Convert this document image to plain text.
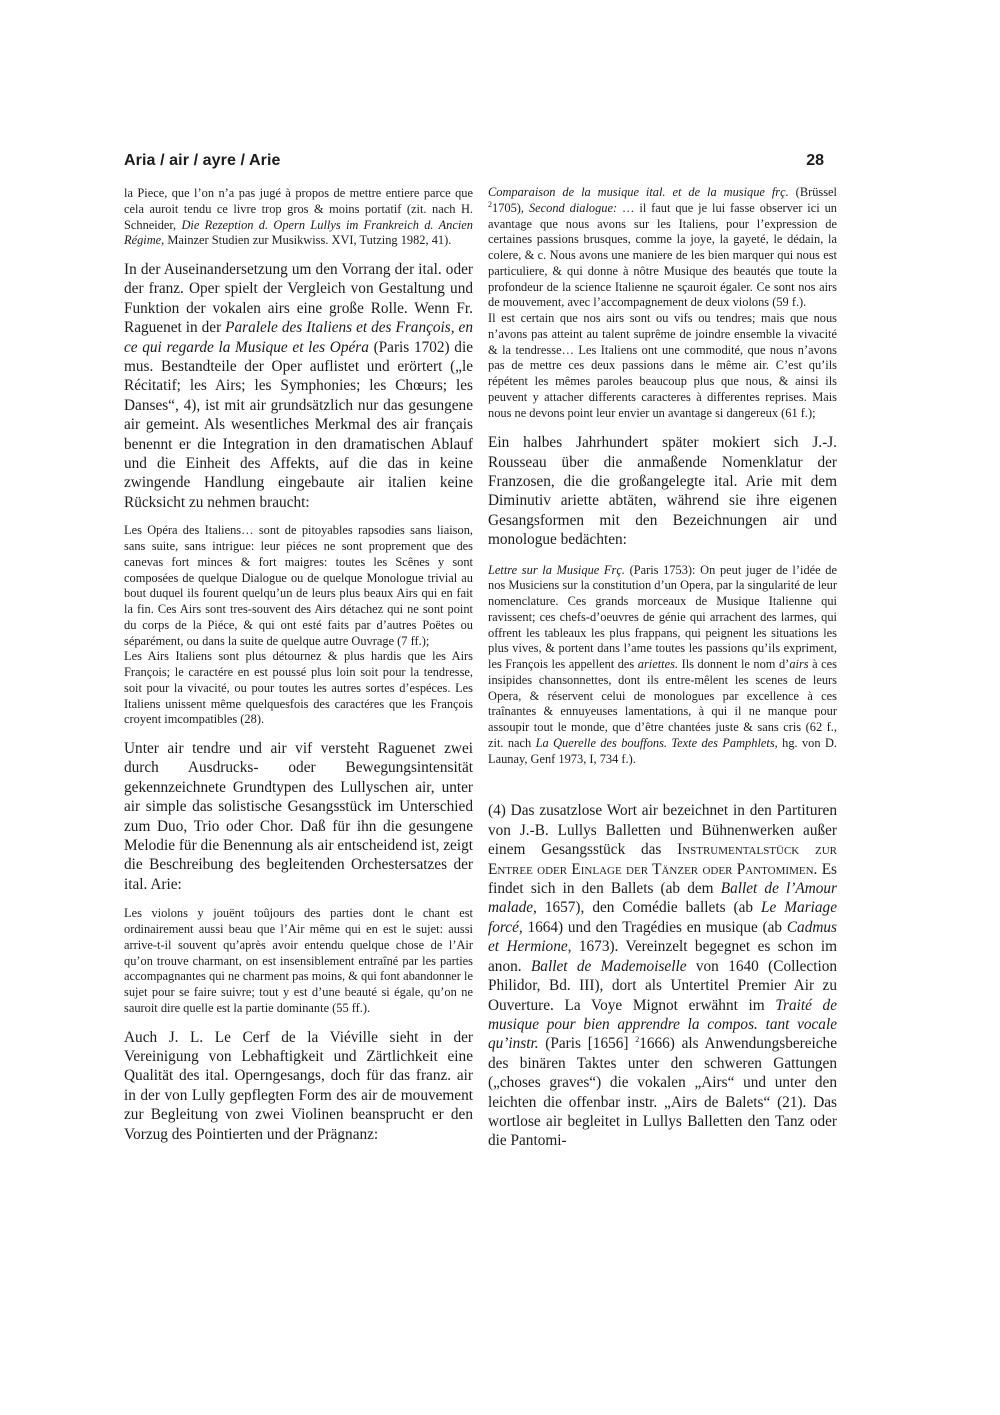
Aria / air / ayre / Arie	28

la Piece, que l’on n’a pas jugé à propos de mettre entiere parce que cela auroit tendu ce livre trop gros & moins portatif (zit. nach H. Schneider, Die Rezeption d. Opern Lullys im Frankreich d. Ancien Régime, Mainzer Studien zur Musikwiss. XVI, Tutzing 1982, 41).

In der Auseinandersetzung um den Vorrang der ital. oder der franz. Oper spielt der Vergleich von Gestaltung und Funktion der vokalen airs eine große Rolle. Wenn Fr. Raguenet in der Paralele des Italiens et des François, en ce qui regarde la Musique et les Opéra (Paris 1702) die mus. Bestandteile der Oper auflistet und erörtert („le Récitatif; les Airs; les Symphonies; les Chœurs; les Danses“, 4), ist mit air grundsätzlich nur das gesungene air gemeint. Als wesentliches Merkmal des air français benennt er die Integration in den dramatischen Ablauf und die Einheit des Affekts, auf die das in keine zwingende Handlung eingebaute air italien keine Rücksicht zu nehmen braucht:

Les Opéra des Italiens… sont de pitoyables rapsodies sans liaison, sans suite, sans intrigue: leur piéces ne sont proprement que des canevas fort minces & fort maigres: toutes les Scênes y sont composées de quelque Dialogue ou de quelque Monologue trivial au bout duquel ils fourent quelqu’un de leurs plus beaux Airs qui en fait la fin. Ces Airs sont tres-souvent des Airs détachez qui ne sont point du corps de la Piéce, & qui ont esté faits par d’autres Poëtes ou séparément, ou dans la suite de quelque autre Ouvrage (7 ff.);

Les Airs Italiens sont plus détournez & plus hardis que les Airs François; le caractére en est poussé plus loin soit pour la tendresse, soit pour la vivacité, ou pour toutes les autres sortes d’espéces. Les Italiens unissent même quelquesfois des caractéres que les François croyent imcompatibles (28).

Unter air tendre und air vif versteht Raguenet zwei durch Ausdrucks- oder Bewegungsintensität gekennzeichnete Grundtypen des Lullyschen air, unter air simple das solistische Gesangsstück im Unterschied zum Duo, Trio oder Chor. Daß für ihn die gesungene Melodie für die Benennung als air entscheidend ist, zeigt die Beschreibung des begleitenden Orchestersatzes der ital. Arie:

Les violons y jouënt toûjours des parties dont le chant est ordinairement aussi beau que l’Air même qui en est le sujet: aussi arrive-t-il souvent qu’après avoir entendu quelque chose de l’Air qu’on trouve charmant, on est insensiblement entraîné par les parties accompagnantes qui ne charment pas moins, & qui font abandonner le sujet pour se faire suivre; tout y est d’une beauté si égale, qu’on ne sauroit dire quelle est la partie dominante (55 ff.).

Auch J. L. Le Cerf de la Viéville sieht in der Vereinigung von Lebhaftigkeit und Zärtlichkeit eine Qualität des ital. Operngesangs, doch für das franz. air in der von Lully gepflegten Form des air de mouvement zur Begleitung von zwei Violinen beansprucht er den Vorzug des Pointierten und der Prägnanz:

Comparaison de la musique ital. et de la musique frç. (Brüssel $^2$1705), Second dialogue: … il faut que je lui fasse observer ici un avantage que nous avons sur les Italiens, pour l’expression de certaines passions brusques, comme la joye, la gayeté, le dédain, la colere, & c. Nous avons une maniere de les bien marquer qui nous est particuliere, & qui donne à nôtre Musique des beautés que toute la profondeur de la science Italienne ne sçauroit égaler. Ce sont nos airs de mouvement, avec l’accompagnement de deux violons (59 f.).

Il est certain que nos airs sont ou vifs ou tendres; mais que nous n’avons pas atteint au talent suprême de joindre ensemble la vivacité & la tendresse… Les Italiens ont une commodité, que nous n’avons pas de mettre ces deux passions dans le même air. C’est qu’ils répétent les mêmes paroles beaucoup plus que nous, & ainsi ils peuvent y attacher differents caracteres à differentes reprises. Mais nous ne devons point leur envier un avantage si dangereux (61 f.);

Ein halbes Jahrhundert später mokiert sich J.-J. Rousseau über die anmaßende Nomenklatur der Franzosen, die die großangelegte ital. Arie mit dem Diminutiv ariette abtäten, während sie ihre eigenen Gesangsformen mit den Bezeichnungen air und monologue bedächten:

Lettre sur la Musique Frç. (Paris 1753): On peut juger de l’idée de nos Musiciens sur la constitution d’un Opera, par la singularité de leur nomenclature. Ces grands morceaux de Musique Italienne qui ravissent; ces chefs-d’oeuvres de génie qui arrachent des larmes, qui offrent les tableaux les plus frappans, qui peignent les situations les plus vives, & portent dans l’ame toutes les passions qu’ils expriment, les François les appellent des ariettes. Ils donnent le nom d’airs à ces insipides chansonnettes, dont ils entre-mêlent les scenes de leurs Opera, & réservent celui de monologues par excellence à ces traînantes & ennuyeuses lamentations, à qui il ne manque pour assoupir tout le monde, que d’être chantées juste & sans cris (62 f., zit. nach La Querelle des bouffons. Texte des Pamphlets, hg. von D. Launay, Genf 1973, I, 734 f.).

(4) Das zusatzlose Wort air bezeichnet in den Partituren von J.-B. Lullys Balletten und Bühnenwerken außer einem Gesangsstück das Instrumentalstück zur Entree oder Einlage der Tänzer oder Pantomimen. Es findet sich in den Ballets (ab dem Ballet de l’Amour malade, 1657), den Comédie ballets (ab Le Mariage forcé, 1664) und den Tragédies en musique (ab Cadmus et Hermione, 1673). Vereinzelt begegnet es schon im anon. Ballet de Mademoiselle von 1640 (Collection Philidor, Bd. III), dort als Untertitel Premier Air zu Ouverture. La Voye Mignot erwähnt im Traité de musique pour bien apprendre la compos. tant vocale qu’instr. (Paris [1656] $^2$1666) als Anwendungsbereiche des binären Taktes unter den schweren Gattungen („choses graves“) die vokalen „Airs“ und unter den leichten die offenbar instr. „Airs de Balets“ (21). Das wortlose air begleitet in Lullys Balletten den Tanz oder die Pantomi-
